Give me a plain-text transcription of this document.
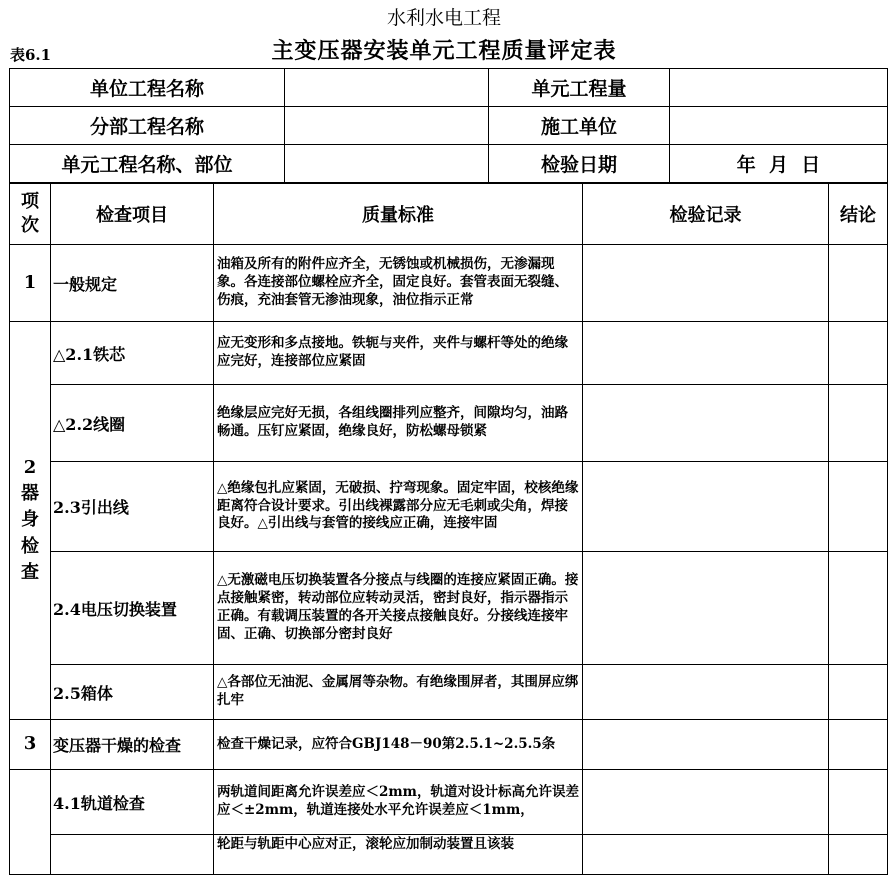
水利水电工程
表6.1	主变压器安装单元工程质量评定表
单位工程名称		单元工程量	
分部工程名称		施工单位	
单元工程名称、部位		检验日期	年  月  日
项次	检查项目	质量标准	检验记录	结论
1	一般规定	油箱及所有的附件应齐全，无锈蚀或机械损伤，无渗漏现象。各连接部位螺栓应齐全，固定良好。套管表面无裂缝、伤痕，充油套管无渗油现象，油位指示正常		
2器身检查	△2.1铁芯	应无变形和多点接地。铁轭与夹件，夹件与螺杆等处的绝缘应完好，连接部位应紧固		
	△2.2线圈	绝缘层应完好无损，各组线圈排列应整齐，间隙均匀，油路畅通。压钉应紧固，绝缘良好，防松螺母锁紧		
	2.3引出线	△绝缘包扎应紧固，无破损、拧弯现象。固定牢固，校核绝缘距离符合设计要求。引出线裸露部分应无毛刺或尖角，焊接良好。△引出线与套管的接线应正确，连接牢固		
	2.4电压切换装置	△无激磁电压切换装置各分接点与线圈的连接应紧固正确。接点接触紧密，转动部位应转动灵活，密封良好，指示器指示正确。有载调压装置的各开关接点接触良好。分接线连接牢固、正确、切换部分密封良好		
	2.5箱体	△各部位无油泥、金属屑等杂物。有绝缘围屏者，其围屏应绑扎牢		
3	变压器干燥的检查	检查干燥记录，应符合GBJ148－90第2.5.1~2.5.5条		
	4.1轨道检查	两轨道间距离允许误差应＜2mm，轨道对设计标高允许误差应＜±2mm，轨道连接处水平允许误差应＜1mm，		
		轮距与轨距中心应对正，滚轮应加制动装置且该装		
